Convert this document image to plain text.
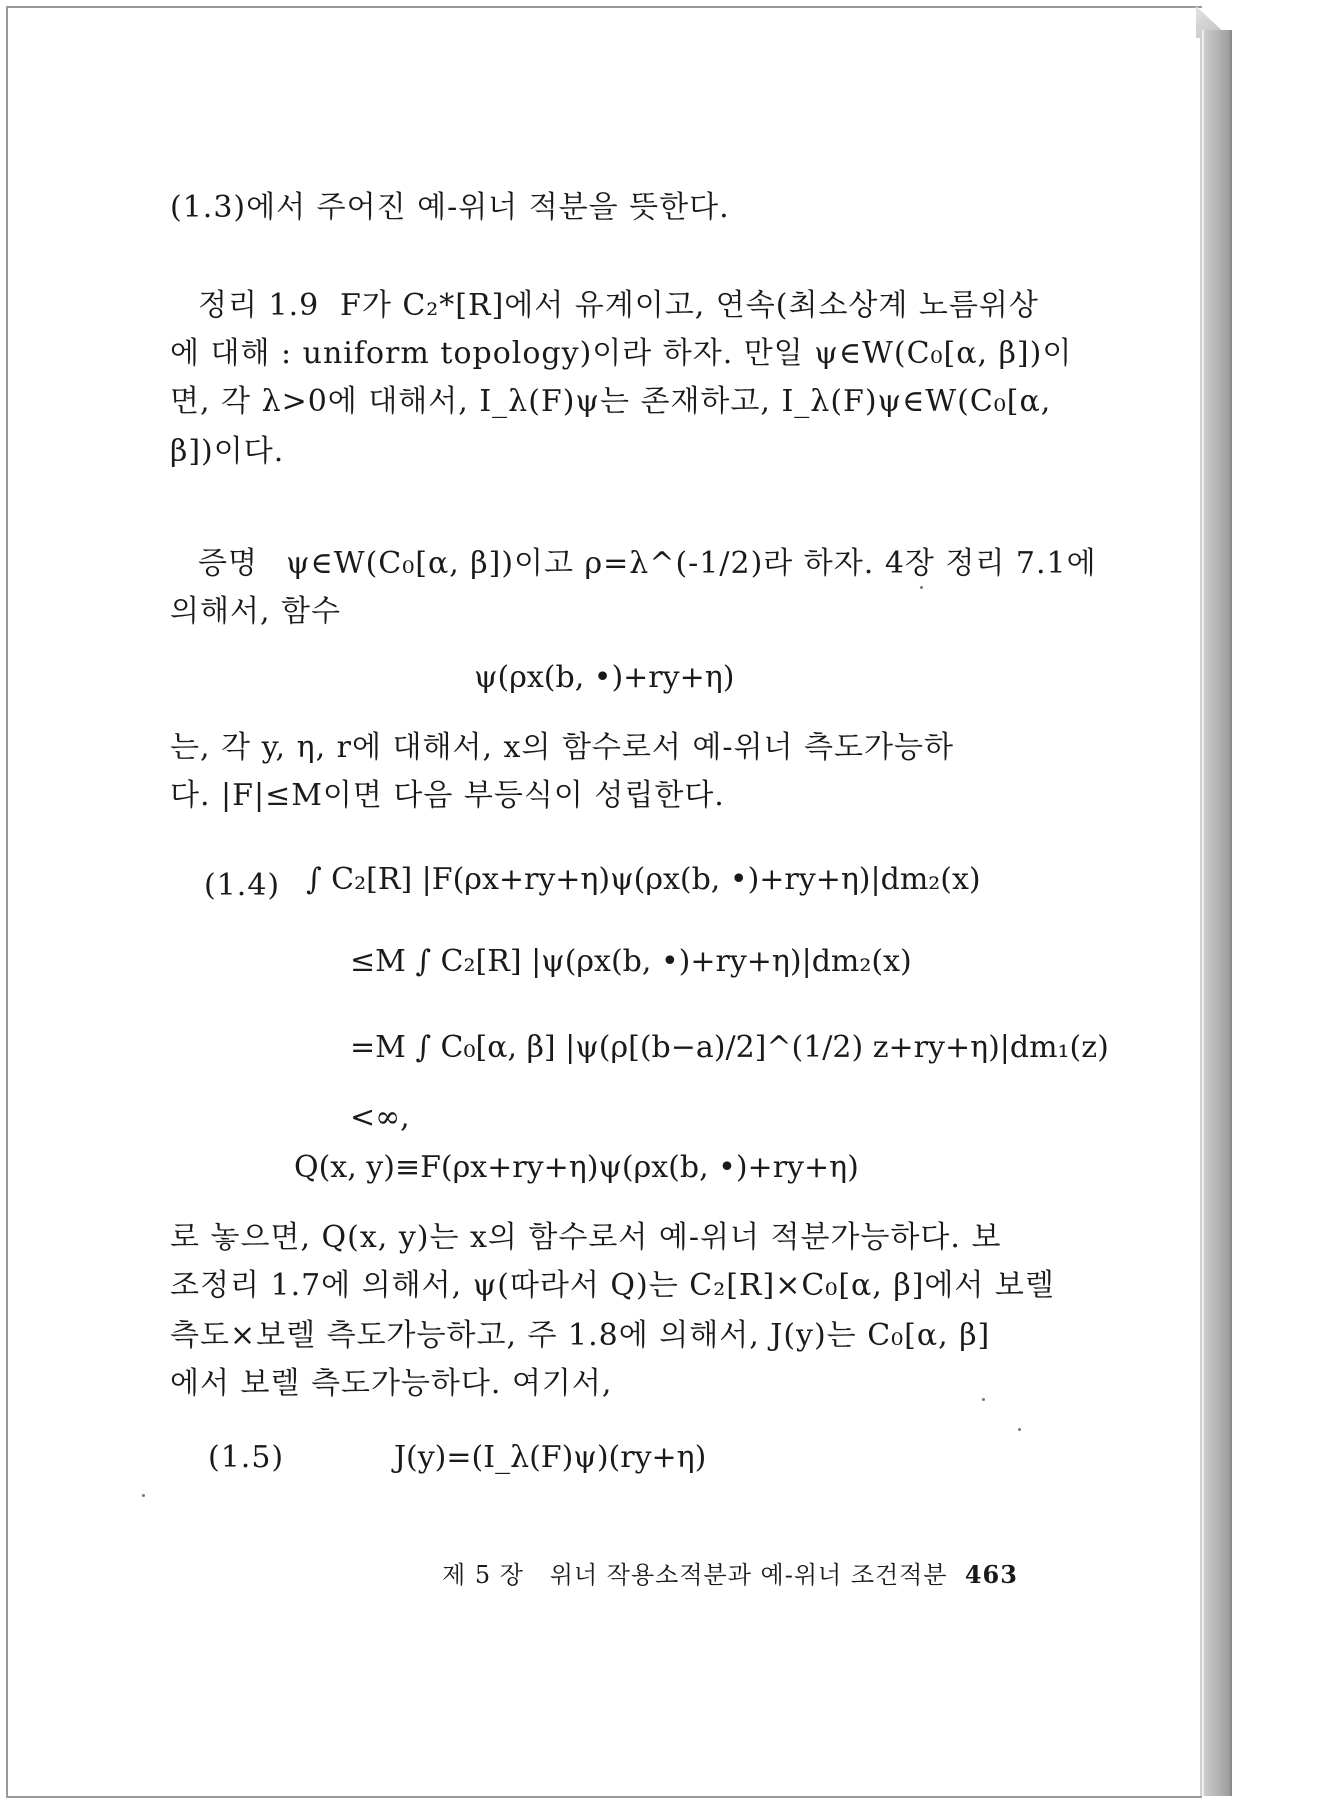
(1.3)에서 주어진 예-위너 적분을 뜻한다.
정리 1.9 F가 C₂*[R]에서 유계이고, 연속(최소상계 노름위상
에 대해 : uniform topology)이라 하자. 만일 ψ∈W(C₀[α, β])이
면, 각 λ>0에 대해서, I_λ(F)ψ는 존재하고, I_λ(F)ψ∈W(C₀[α,
β])이다.
증명 ψ∈W(C₀[α, β])이고 ρ=λ^(-1/2)라 하자. 4장 정리 7.1에
의해서, 함수
ψ(ρx(b, •)+ry+η)
는, 각 y, η, r에 대해서, x의 함수로서 예-위너 측도가능하
다. |F|≤M이면 다음 부등식이 성립한다.
(1.4) ∫ C₂[R] |F(ρx+ry+η)ψ(ρx(b, •)+ry+η)|dm₂(x)
≤M ∫ C₂[R] |ψ(ρx(b, •)+ry+η)|dm₂(x)
=M ∫ C₀[α, β] |ψ(ρ[(b−a)/2]^(1/2) z+ry+η)|dm₁(z)
<∞,
Q(x, y)≡F(ρx+ry+η)ψ(ρx(b, •)+ry+η)
로 놓으면, Q(x, y)는 x의 함수로서 예-위너 적분가능하다. 보
조정리 1.7에 의해서, ψ(따라서 Q)는 C₂[R]×C₀[α, β]에서 보렐
측도×보렐 측도가능하고, 주 1.8에 의해서, J(y)는 C₀[α, β]
에서 보렐 측도가능하다. 여기서,
(1.5)	J(y)=(I_λ(F)ψ)(ry+η)
제 5 장 위너 작용소적분과 예-위너 조건적분 463
